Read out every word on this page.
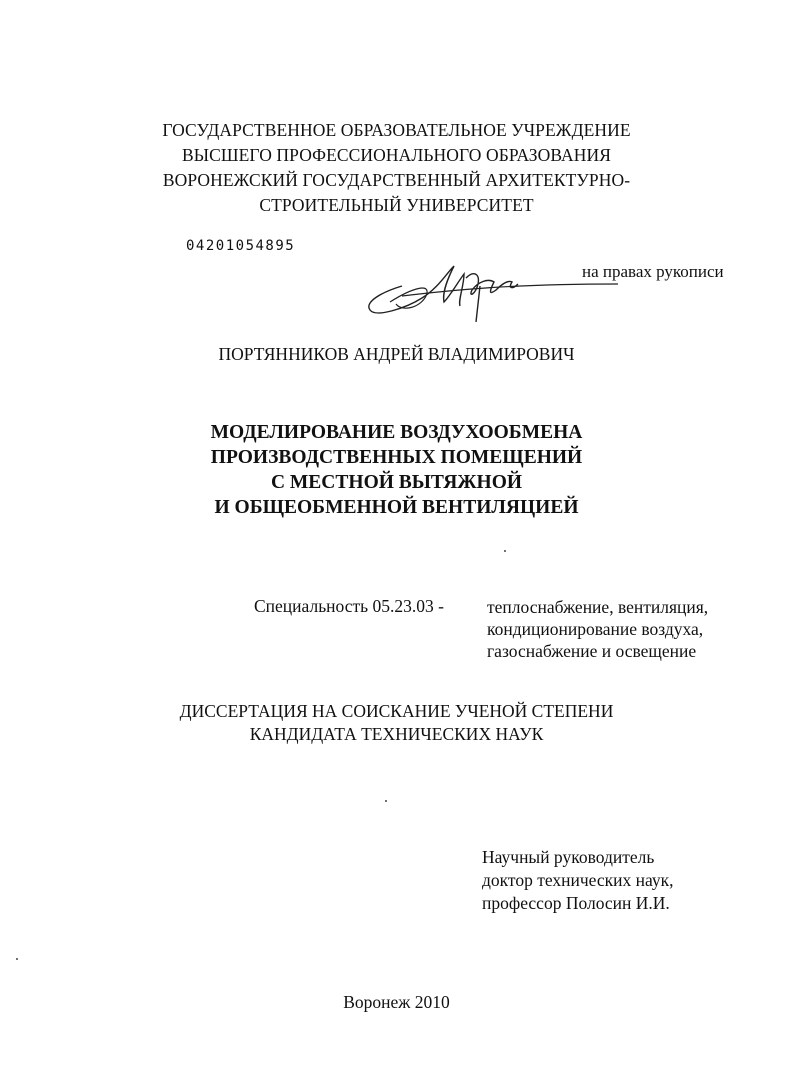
ГОСУДАРСТВЕННОЕ ОБРАЗОВАТЕЛЬНОЕ УЧРЕЖДЕНИЕ
ВЫСШЕГО ПРОФЕССИОНАЛЬНОГО ОБРАЗОВАНИЯ
ВОРОНЕЖСКИЙ ГОСУДАРСТВЕННЫЙ АРХИТЕКТУРНО-
СТРОИТЕЛЬНЫЙ УНИВЕРСИТЕТ
04201054895
на правах рукописи
ПОРТЯННИКОВ АНДРЕЙ ВЛАДИМИРОВИЧ
МОДЕЛИРОВАНИЕ ВОЗДУХООБМЕНА
ПРОИЗВОДСТВЕННЫХ ПОМЕЩЕНИЙ
С МЕСТНОЙ ВЫТЯЖНОЙ
И ОБЩЕОБМЕННОЙ ВЕНТИЛЯЦИЕЙ
Специальность 05.23.03 - теплоснабжение, вентиляция,
кондиционирование воздуха,
газоснабжение и освещение
ДИССЕРТАЦИЯ НА СОИСКАНИЕ УЧЕНОЙ СТЕПЕНИ
КАНДИДАТА ТЕХНИЧЕСКИХ НАУК
Научный руководитель
доктор технических наук,
профессор Полосин И.И.
Воронеж 2010
